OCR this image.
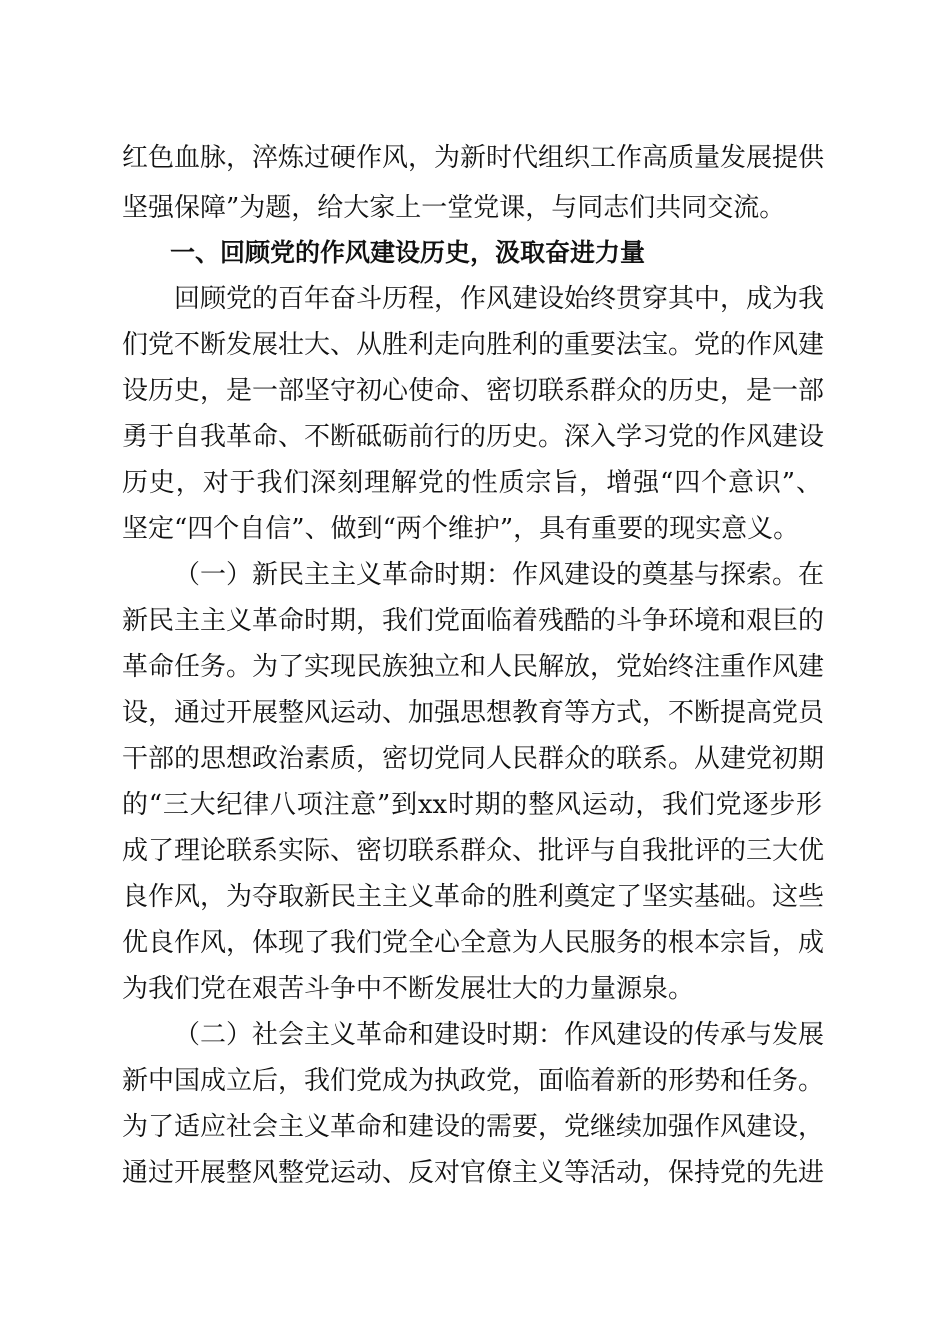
红色血脉，淬炼过硬作风，为新时代组织工作高质量发展提供
坚强保障”为题，给大家上一堂党课，与同志们共同交流。
一、回顾党的作风建设历史，汲取奋进力量
回顾党的百年奋斗历程，作风建设始终贯穿其中，成为我
们党不断发展壮大、从胜利走向胜利的重要法宝。党的作风建
设历史，是一部坚守初心使命、密切联系群众的历史，是一部
勇于自我革命、不断砥砺前行的历史。深入学习党的作风建设
历史，对于我们深刻理解党的性质宗旨，增强“四个意识”、
坚定“四个自信”、做到“两个维护”，具有重要的现实意义。
（一）新民主主义革命时期：作风建设的奠基与探索。在
新民主主义革命时期，我们党面临着残酷的斗争环境和艰巨的
革命任务。为了实现民族独立和人民解放，党始终注重作风建
设，通过开展整风运动、加强思想教育等方式，不断提高党员
干部的思想政治素质，密切党同人民群众的联系。从建党初期
的“三大纪律八项注意”到xx时期的整风运动，我们党逐步形
成了理论联系实际、密切联系群众、批评与自我批评的三大优
良作风，为夺取新民主主义革命的胜利奠定了坚实基础。这些
优良作风，体现了我们党全心全意为人民服务的根本宗旨，成
为我们党在艰苦斗争中不断发展壮大的力量源泉。
（二）社会主义革命和建设时期：作风建设的传承与发展
新中国成立后，我们党成为执政党，面临着新的形势和任务。
为了适应社会主义革命和建设的需要，党继续加强作风建设，
通过开展整风整党运动、反对官僚主义等活动，保持党的先进
